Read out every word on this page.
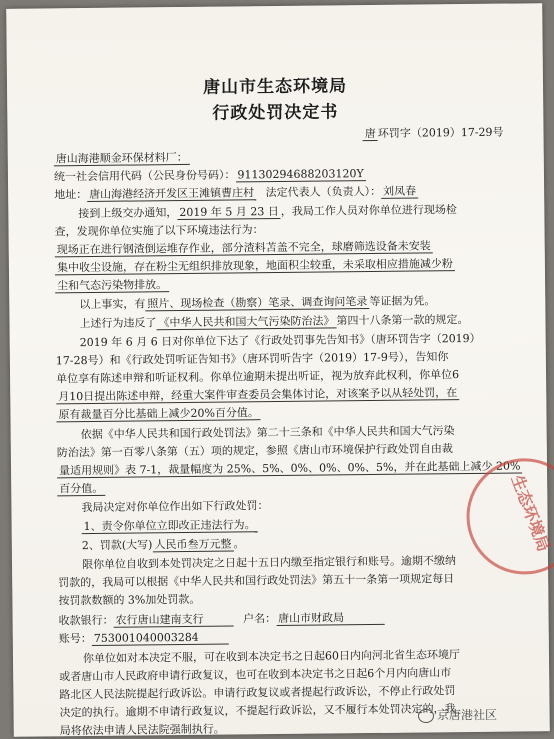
唐山市生态环境局
行政处罚决定书
唐 环罚字（2019）17-29号
唐山海港顺金环保材料厂：
统一社会信用代码（公民身份号码）： 91130294688203120Y
地址： 唐山海港经济开发区王滩镇曹庄村 法定代表人（负责人）： 刘凤春
接到上级交办通知， 2019 年 5 月 23 日 ，我局工作人员对你单位进行现场检
查，发现你单位实施了以下环境违法行为：
现场正在进行钢渣倒运堆存作业，部分渣料苫盖不完全，球磨筛选设备未安装
集中收尘设施，存在粉尘无组织排放现象，地面积尘较重，未采取相应措施减少粉
尘和气态污染物排放。
以上事实，有 照片、现场检查（勘察）笔录、调查询问笔录 等证据为凭。
上述行为违反了 《中华人民共和国大气污染防治法》 第四十八条第一款的规定。
2019 年 6 月 6 日对你单位下达了《行政处罚事先告知书》（唐环罚告字（2019）
17-28号）和《行政处罚听证告知书》（唐环罚听告字（2019）17-9号），告知你
单位享有陈述申辩和听证权利。你单位逾期未提出听证，视为放弃此权利，你单位6
月10日提出陈述申辩，经重大案件审查委员会集体讨论，对该案予以从轻处罚，在
原有裁量百分比基础上减少20%百分值。
依据《中华人民共和国行政处罚法》第二十三条和《中华人民共和国大气污染
防治法》第一百零八条第（五）项的规定，参照《唐山市环境保护行政处罚自由裁
量适用规则》表 7-1，裁量幅度为 25%、5%、0%、0%、0%、5%，并在此基础上减少 20%
百分值。
我局决定对你单位作出如下行政处罚：
1、责令你单位立即改正违法行为。
2、罚款(大写) 人民币叁万元整 。
限你单位自收到本处罚决定之日起十五日内缴至指定银行和账号。逾期不缴纳
罚款的，我局可以根据《中华人民共和国行政处罚法》第五十一条第一项规定每日
按罚款数额的 3%加处罚款。
收款银行： 农行唐山建南支行	户名： 唐山市财政局
账号： 753001040003284
你单位如对本决定不服，可在收到本决定书之日起60日内向河北省生态环境厅
或者唐山市人民政府申请行政复议，也可在收到本决定书之日起6个月内向唐山市
路北区人民法院提起行政诉讼。申请行政复议或者提起行政诉讼，不停止行政处罚
决定的执行。逾期不申请行政复议，不提起行政诉讼，又不履行本处罚决定的，我
局将依法申请人民法院强制执行。
生态环境局
京唐港社区
